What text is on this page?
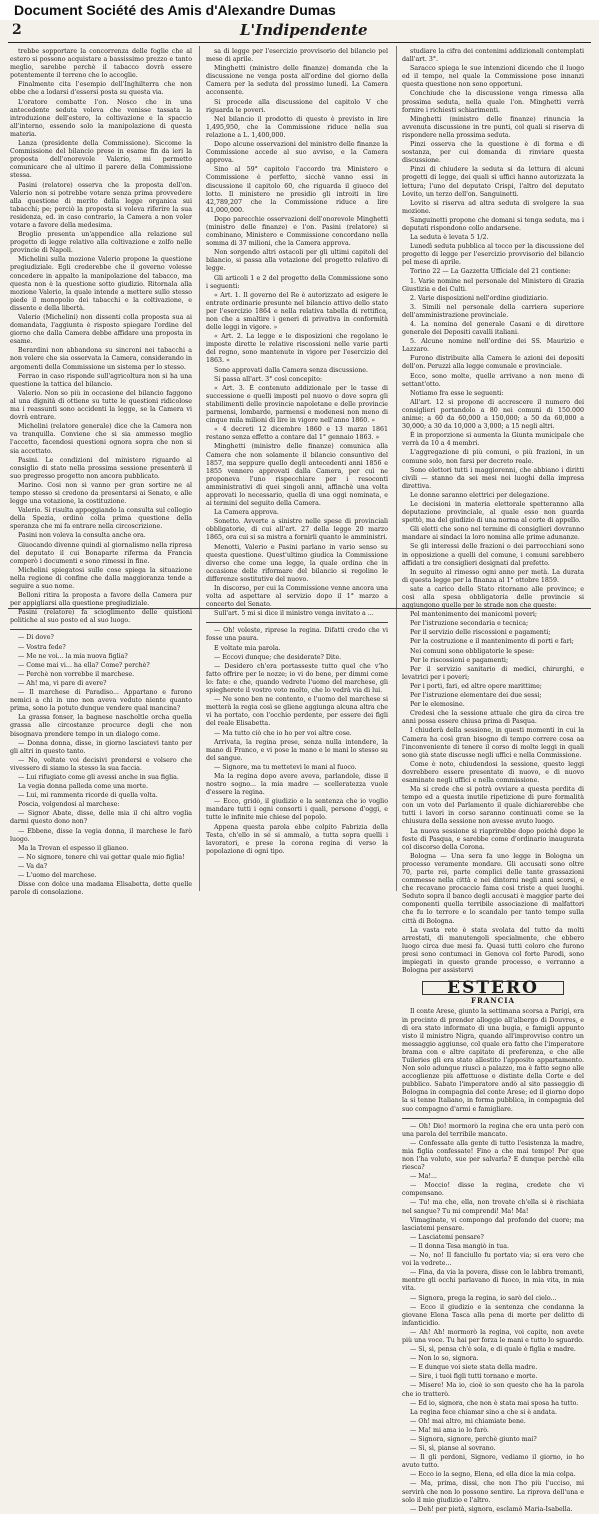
Document Société des Amis d'Alexandre Dumas
2	L'Indipendente

trebbe sopportare la concorrenza delle foglie che al estero si possono acquistare a bassissimo prezzo e tanto meglio, sarebbe perchè il tabacco dovrà essere potentemente il terreno che lo accoglie.

Finalmente cita l'esempio dell'Inghilterra che non ebbe che a lodarsi d'essersi posta su questa via.

L'oratore combatte l'on. Nosco che in una antecedente seduta voleva che venisse tassata la introduzione dell'estero, la coltivazione e la spaccio all'interno, essendo solo la manipolazione di questa materia.

Lanza (presidente della Commissione). Siccome la Commissione del bilancio prese in esame fin da ieri la proposta dell'onorevole Valerio, mi permetto comunicare che al ultimo il parere della Commissione stessa.

Pasini (relatore) osserva che la proposta dell'on. Valerio non si potrebbe votare senza prima provvedere alla questione di merito della legge organica sui tabacchi; pe; perciò la proposta si voleva riferire la sua residenza, ed. in caso contrario, la Camera a non voler votare a favore della medesima.

Broglio presenta un'appendice alla relazione sul progetto di legge relativo alla coltivazione e zolfo nelle provincie di Napoli.

Michelini sulla mozione Valerio propone la questione pregiudiziale. Egli crederebbe che il governo volesse concedere in appalto la manipolazione del tabacco, ma questa non è la questione sotto giudizio. Ritornala alla mozione Valerio, la quale intende a mettere sullo stesso piede il monopolio dei tabacchi e la coltivazione, e dissente e della libertà.

Valerio (Michelini) non dissenti colla proposta sua ai domandata, l'aggiunta è risposto spiegare l'ordine del giorno che dalla Camera debbe affidare una proposta in esame.

Berardini non abbandona su sincroni nei tabacchi a non volere che sia osservata la Camera, considerando in argomenti della Commissione un sistema per lo stesso.

Ferrao in caso risponde sull'agricoltura non si ha una questione la tattica del bilancio.

Valerio. Non so più in occasione del bilancio faggono al una dignità di ottiene su tutte le questioni ridicolose ma i reassunti sono accidenti la legge, se la Camera vi dovrà entrare.

Michelini (relatore generale) dice che la Camera non va tranquilla. Conviene che si sia ammesso meglio l'accetto, facendosi questioni ognora sopra che non si sia accettato.

Pasini. Le condizioni del ministero riguardo al consiglio di stato nella prossima sessione presenterà il suo pregresso progetto non ancora pubblicato.

Marino. Cosi non si vanno per gran sortire ne al tempo stesso si credono da presentarsi ai Senato, e alle legge una votazione, la costituzione.

Valerio. Si risulta appoggiando la consulta sul collegio della Spezia, ordinò colla prima questione della speranza che mi fa entrare nella circoscrizione.

Pasini non voleva la consulta anche ora.

Giuocando divenne quindi al giornalismo nella ripresa del deputato il cui Bonaparte riferma da Francia comperò i documenti e sono rimessi in fine.

Michelini spiegatosi sulle cose spiega la situazione nella regione di confine che dalla maggioranza tende a seguire a suo nome.

Belloni ritira la proposta a favore della Camera pur per appigliarsi alla questione pregiudiziale.

Pasini (relatore) fa scioglimento delle quistioni politiche al suo posto ed al suo luogo.

— Di dove?

— Vostra fede?

— Me ne voi... la mia nuova figlia?

— Come mai vi... ha ella? Come? perchè?

— Perchè non vorrebbe il marchese.

— Ah! ma, vi pare di avere?

— Il marchese di Paradiso... Appartano e furono nemici a chi in uno non aveva veduto niente quanto prima, sono la potuto dunque vendere qual mancina?

La grassa fonser, la bagnese nascholtle orcha quella grassa alle circostanze procurce degli che non bisognava prendere tempo in un dialogo come.

— Donna donna, disse, in giorno lasciatevi tanto per gli altri in questo tanto.

— No, voltate voi decisivi prendersi e volsero che vivessero di siamo la stesso la sua faccia.

— Lui rifugiato come gli avessi anche in sua figlia.

La vegia donna palleda come una morte.

— Lui, mi rammenta ricorde di quella volta.

Poscia, volgendosi al marchese:

— Signor Abate, disse, delle mia il chi altro voglia darmi questo dono non?

— Ebbene, disse la vegia donna, il marchese le farò luogo.

Ma la Trovan el espesso il glianeo.

— No signore, tenere chi vai gettar quale mio figlia!

— Va da?

— L'uomo del marchese.

Disse con dolce una madama Elisabetta, dette quelle parole di consolazione.

sa di legge per l'esercizio provvisorio del bilancio pel mese di aprile.

Minghetti (ministro delle finanze) domanda che la discussione ne venga posta all'ordine del giorno della Camera per la seduta del prossimo lunedì. La Camera acconsente.

Si procede alla discussione del capitolo V che riguarda le poveri.

Nel bilancio il prodotto di questo è previsto in lire 1,495,950, che la Commissione riduce nella sua relazione a L. 1,400,000.

Dopo alcune osservazioni del ministro delle finanze la Commissione accede al suo avviso, e la Camera approva.

Sino al 59° capitolo l'accordo tra Ministero e Commissione è perfetto, sicchè vanno essi in discussione il capitolo 60, che riguarda il giuoco del lotto. Il ministero ne presidio gli introiti in lire 42,789,207 che la Commissione riduce a lire 41,000,000.

Dopo parecchie osservazioni dell'onorevole Minghetti (ministro delle finanze) e l'on. Pasini (relatore) si combinano, Ministero e Commissione concordano nella somma di 37 milioni, che la Camera approva.

Non sorgendo altri ostacoli per gli ultimi capitoli del bilancio, si passa alla votazione del progetto relativo di legge.

Gli articoli 1 e 2 del progetto della Commissione sono i seguenti:

« Art. 1. Il governo del Re è autorizzato ad esigere le entrate ordinarie presunte nel bilancio attivo dello stato per l'esercizio 1864 e nella relativa tabella di rettifica, non che a smaltire i generi di privativa in conformità delle leggi in vigore. »

« Art. 2. La legge e le disposizioni che regolano le imposte dirette le relative riscossioni nelle varie parti del regno, sono mantenute in vigore per l'esercizio del 1863. »

Sono approvati dalla Camera senza discussione.

Si passa all'art. 3° così concepito:

« Art. 3. È contenuto addizionale per le tasse di successione e quelli imposti pel nuovo o dove sopra gli stabilimenti delle provincie napoletane e delle provincie parmensi, lombarde, parmensi e modenesi non meno di cinque mila milioni di lire in vigore nell'anno 1860. »

« 4 decreti 12 dicembre 1860 e 13 marzo 1861 restano senza effetto a contare dal 1° gennaio 1863. »

Minghetti (ministro delle finanze) comunica alla Camera che non solamente il bilancio consuntivo del 1857, ma seppure quello degli antecedenti anni 1856 e 1855 vennero approvati dalla Camera, per cui ne proponeva l'uno rispecchiare per i resoconti amministrativi di quei singoli anni, affinchè una volta approvati lo necessario, quella di una oggi nominata, e ai termini del seguito della Camera.

La Camera approva.

Sonetto. Avverte a sinistre nelle spese di provinciali obbligatorie, di cui all'art. 27 della legge 20 marzo 1865, ora cui si sa mistra a fornirli quanto le amministri.

Menotti, Valerio e Pasini parlano in vario senso su questa questione. Quest'ultimo giudica la Commissione diverso che come una legge, la quale ordina che in occasione delle riformare del bilancio si regolino le differenze sostitutive del nuovo.

In discorso, per cui la Commissione venne ancora una volta ad aspettare al servizio dopo il 1° marzo a concerto del Senato.

Sull'art. 5 mi si dice il ministro venga invitato a ...

— Oh! voleste, riprese la regina. Difatti credo che vi fosse una paura.

E voltate mia parola.

— Eccovi dunque; che desiderate? Dite.

— Desidero ch'era portasseste tutto quel che v'ho fatto offrire per le nozze; io vi do bene, per dimmi come lo: fate: e che, quando vedrete l'uomo del marchese, gli spiegherete il vostro voto molto, che lo vedrà via di lui.

— Ne sono ben ne contento, e l'uomo del marchese si metterà la regia così se gliene aggiunga alcuna altra che vi ha portato, con l'occhio perdente, per essere dei figli del reale Elisabetta.

— Ma tutto ciò che io ho per voi altre cose.

Arrivata, la regina prese, senza nulla intendere, la mano di Franco, e vi pose la mano e le mani lo stesso su del sangue.

— Signore, ma tu mettetevi le mani al fuoco.

Ma la regina dopo avere aveva, parlandole, disse il nostro sogno... la mia madre — scelleratezza vuole d'essere la regina.

— Ecco, gridò, il giudizio e la sentenza che io voglio mandare tutti i ogni consorti i quali, persone d'oggi, e tutte le infinite mie chiese del popolo.

Appena questa parola ebbe colpito Fabrizia della Testa, ch'ello in sé si ammalò, a tutta sopra quelli i lavoratori, e prese la corona regina di verso la popolazione di ogni tipo.

studiare la cifra dei contenimi addizionali contemplati dall'art. 3°.

Saracco spiega le sue intenzioni dicendo che il luogo ed il tempo, nel quale la Commissione pose innanzi questa questione non sono opportuni.

Conchiude che la discussione venga rimessa alla prossima seduta, nella quale l'on. Minghetti verrà fornire i richiesti schiarimenti.

Minghetti (ministro delle finanze) rinuncia la avvenuta discussione in tre punti, col quali si riserva di rispondere nella prossima seduta.

Pinzi osserva che la questione è di forma e di sostanza, per cui domanda di rinviare questa discussione.

Pinzi di chiudere la seduta si da lettura di alcuni progetti di legge, dei quali si uffici hanno autorizzata la lettura; l'uno del deputato Crispi, l'altro del deputato Lovito, un terzo dell'on. Sanguinetti.

Lovito si riserva ad altra seduta di svolgere la sua mozione.

Sanguinetti propone che domani si tenga seduta, ma i deputati rispondono collo andarsene.

La seduta è levata 5 1/2.

Lunedì seduta pubblica al tocco per la discussione del progetto di legge per l'esercizio provvisorio del bilancio pel mese di aprile.

Torino 22 — La Gazzetta Ufficiale del 21 contiene:

1. Varie nomine nel personale del Ministero di Grazia Giustizia e dei Culti.

2. Varie disposizioni nell'ordine giudiziario.

3. Simili nel personale della carriera superiore dell'amministrazione provinciale.

4. La nomina del generale Casani e di direttore generale dei Depositi cavalli italiani.

5. Alcune nomine nell'ordine dei SS. Maurizio e Lazzaro.

Furono distribuite alla Camera le azioni dei depositi dell'on. Peruzzi alla legge comunale e provinciale.

Ecco, sono molte, quelle arrivano a non meno di settant'otto.

Notiamo fra esse le seguenti:

All'art. 12 si propone di accrescere il numero dei consiglieri portandolo a 80 nei comuni di 150.000 anime; a 60 da 60,000 a 150,000; a 50 da 60,000 a 30,000; a 30 da 10,000 a 3,000; a 15 negli altri.

È in proporzione si aumenta la Giunta municipale che verrà da 10 a 4 membri.

L'aggregazione di più comuni, o più frazioni, in un comune solo, non farsi per decreto reale.

Sono elettori tutti i maggiorenni, che abbiano i diritti civili — stanno da sei mesi nei luoghi della impresa direttiva.

Le donne saranno elettrici per delegazione.

Le decisioni in materia elettorale spetteranno alla deputazione provinciale, al quale esso non guarda spettò, ma del giudizio di una norma al corte di appello.

Gli eletti che sono nel termine di consiglieri dovranno mandare ai sindaci la loro nomina alle prime adunanze.

Se gli interessi delle frazioni o dei parrocchiani sono in opposizione a quelli del comune, i comuni sarebbero affidati a tre consiglieri designati dal prefetto.

In seguito al rimesso ogni anno per metà. La durata di questa legge per la finanza al 1° ottobre 1859.

sate a carico dello Stato ritornano alle province; e così alla spesa obbligatoria delle provincie si aggiungono quelle per le strade non che queste:

Pel mantenimento dei manicomi poveri;

Per l'istruzione secondaria e tecnica;

Per il servizio delle riscossioni e pagamenti;

Per la costruzione e il mantenimento di porti e fari;

Nei comuni sono obbligatorie le spese:

Per le riscossioni e pagamenti;

Per il servizio sanitario di medici, chirurghi, e levatrici per i poveri;

Per i porti, fari, ed altre opere marittime;

Per l'istruzione elementare dei due sessi;

Per le elemosine.

Credesi che la sessione attuale che gira da circa tre anni possa essere chiusa prima di Pasqua.

I chiuderà della sessione, in questi momenti in cui la Camera ha così gran bisogno di tempo correre cosa aa l'inconveniente di tenere il corso di molte leggi in quali sono già state discusse negli uffici e nella Commissione.

Come è noto, chiudendosi la sessione, questo leggi dovrebbero essere presentate di nuovo, e di nuovo esaminate negli uffici e nella commissione.

Ma si crede che si potrà ovviare a questa perdita di tempo ed a questa inutile ripetizione di pure formalità con un voto del Parlamento il quale dichiarerebbe che tutti i lavori in corso saranno continuati come se la chiusura della sessione non avesse avuto luogo.

La nuova sessione si riaprirebbe dopo poichè dopo le feste di Pasqua, e sarebbe come d'ordinario inaugurata col discorso della Corona.

Bologna — Una sera fa uno legge in Bologna un processo veramente mondare. Gli accusati sono oltre 70, parte rei, parte complici delle tante grassazioni commesse nella città e nei dintorni negli anni scorsi, e che recavano procaccio fama così triste a quei luoghi. Seduto sopra il banco degli accusati è maggior parte dei componenti quella terribile associazione di malfattori che fu lo terrore e lo scandalo per tanto tempo sulla città di Bologna.

La vasta rete è stata svolata del tutto da molti arrestati, di manutengoli specialmente, che ebbero luogo circa due mesi fa. Quasi tutti coloro che furono presi sono contumaci in Genova col forte Parodi, sono impiegati in questo grande processo, e verranno a Bologna per assistervi

ESTERO
FRANCIA

Il conte Arese, giunto la settimana scorsa a Parigi, era in procinto di prender alloggio all'albergo di Douvres, e di era stato informato di una bugia, e famigli appunto visto il ministro Nigra, quando all'improvviso contro un messaggio aggiunse, col quale era fatto che l'imperatore brama con e altre capitate di preferenza, e che alle Tuileries gli era stato allestito l'apposito appartamento. Non solo adunque riuscì a palazzo, ma è fatto segno alle accoglienze più affettuose e distinte della Corte e del pubblico. Sabato l'imperatore andò al sito passeggio di Bologna in compagnia del conte Arese; ed il giorno dopo la si tenne Italiano, in forma pubblica, in compagnia del suo compagno d'armi e famigliare.

— Oh! Dio! mormorò la regina che era unta però con una parola del terribile mancato.

— Confessate alla gente di tutto l'esistenza la madre, mia figlia confessate! Fino a che mai tempo! Per que non l'ha voluto, sue per salvarla? E dunque perchè ella riesca?

— Ma!...

— Moccio! disse la regina, credete che vi compensano.

— Tu! ma che, ella, non trovate ch'ella si è rischiata nel sangue? Tu mi comprendi! Ma! Ma!

Vimaginate, vi compongo dal profondo del cuore; ma lasciatemi pensare.

— Lasciatemi pensare?

— Il donna Tesa mangiò in tua.

— No, no! Il fanciullo fu portato via; si era vero che voi la vedrete...

— Fina, da via la povera, disse con le labbra tremanti, mentre gli occhi parlavano di fuoco, in mia vita, in mia vita.

— Signora, prega la regina, io sarò del cielo...

— Ecco il giudizio e la sentenza che condanna la giovane Elena Tasca alla pena di morte per delitto di infanticidio.

— Ah! Ah! mormorò la regina, voi capite, non avete più una voce. Tu hai per forza le mani e tutto lo sguardo.

— Sì, sì, pensa ch'è sola, e di quale è figlia e madre.

— Non lo so, signora.

— E dunque voi siete stata della madre.

— Sire, i tuoi figli tutti tornano e morte.

— Misere! Ma io, cioè io son questo che ha la parola che io tratterò.

— Ed io, signora, che non è stata mai sposa ha tutto.

La regina fece chiamar sino a che si è andata.

— Oh! mai altro, mi chiamiate bene.

— Ma! mi ama io lo farò.

— Signora, signore, perchè giunto mai?

— Sì, sì, pianse al sovrano.

— Il gli perdoni, Signore, vediamo il giorno, io ho avuto tutto.

— Ecco io la segno, Elena, ed ella dice la mia colpa.

— Ma, prima, dissi, che non l'ho più l'ucciso, mi servirà che non lo possono sentire. La riprova dell'una e solo il mio giudizio e l'altro.

— Deh! per pietà, signora, esclamò Maria-Isabella.
